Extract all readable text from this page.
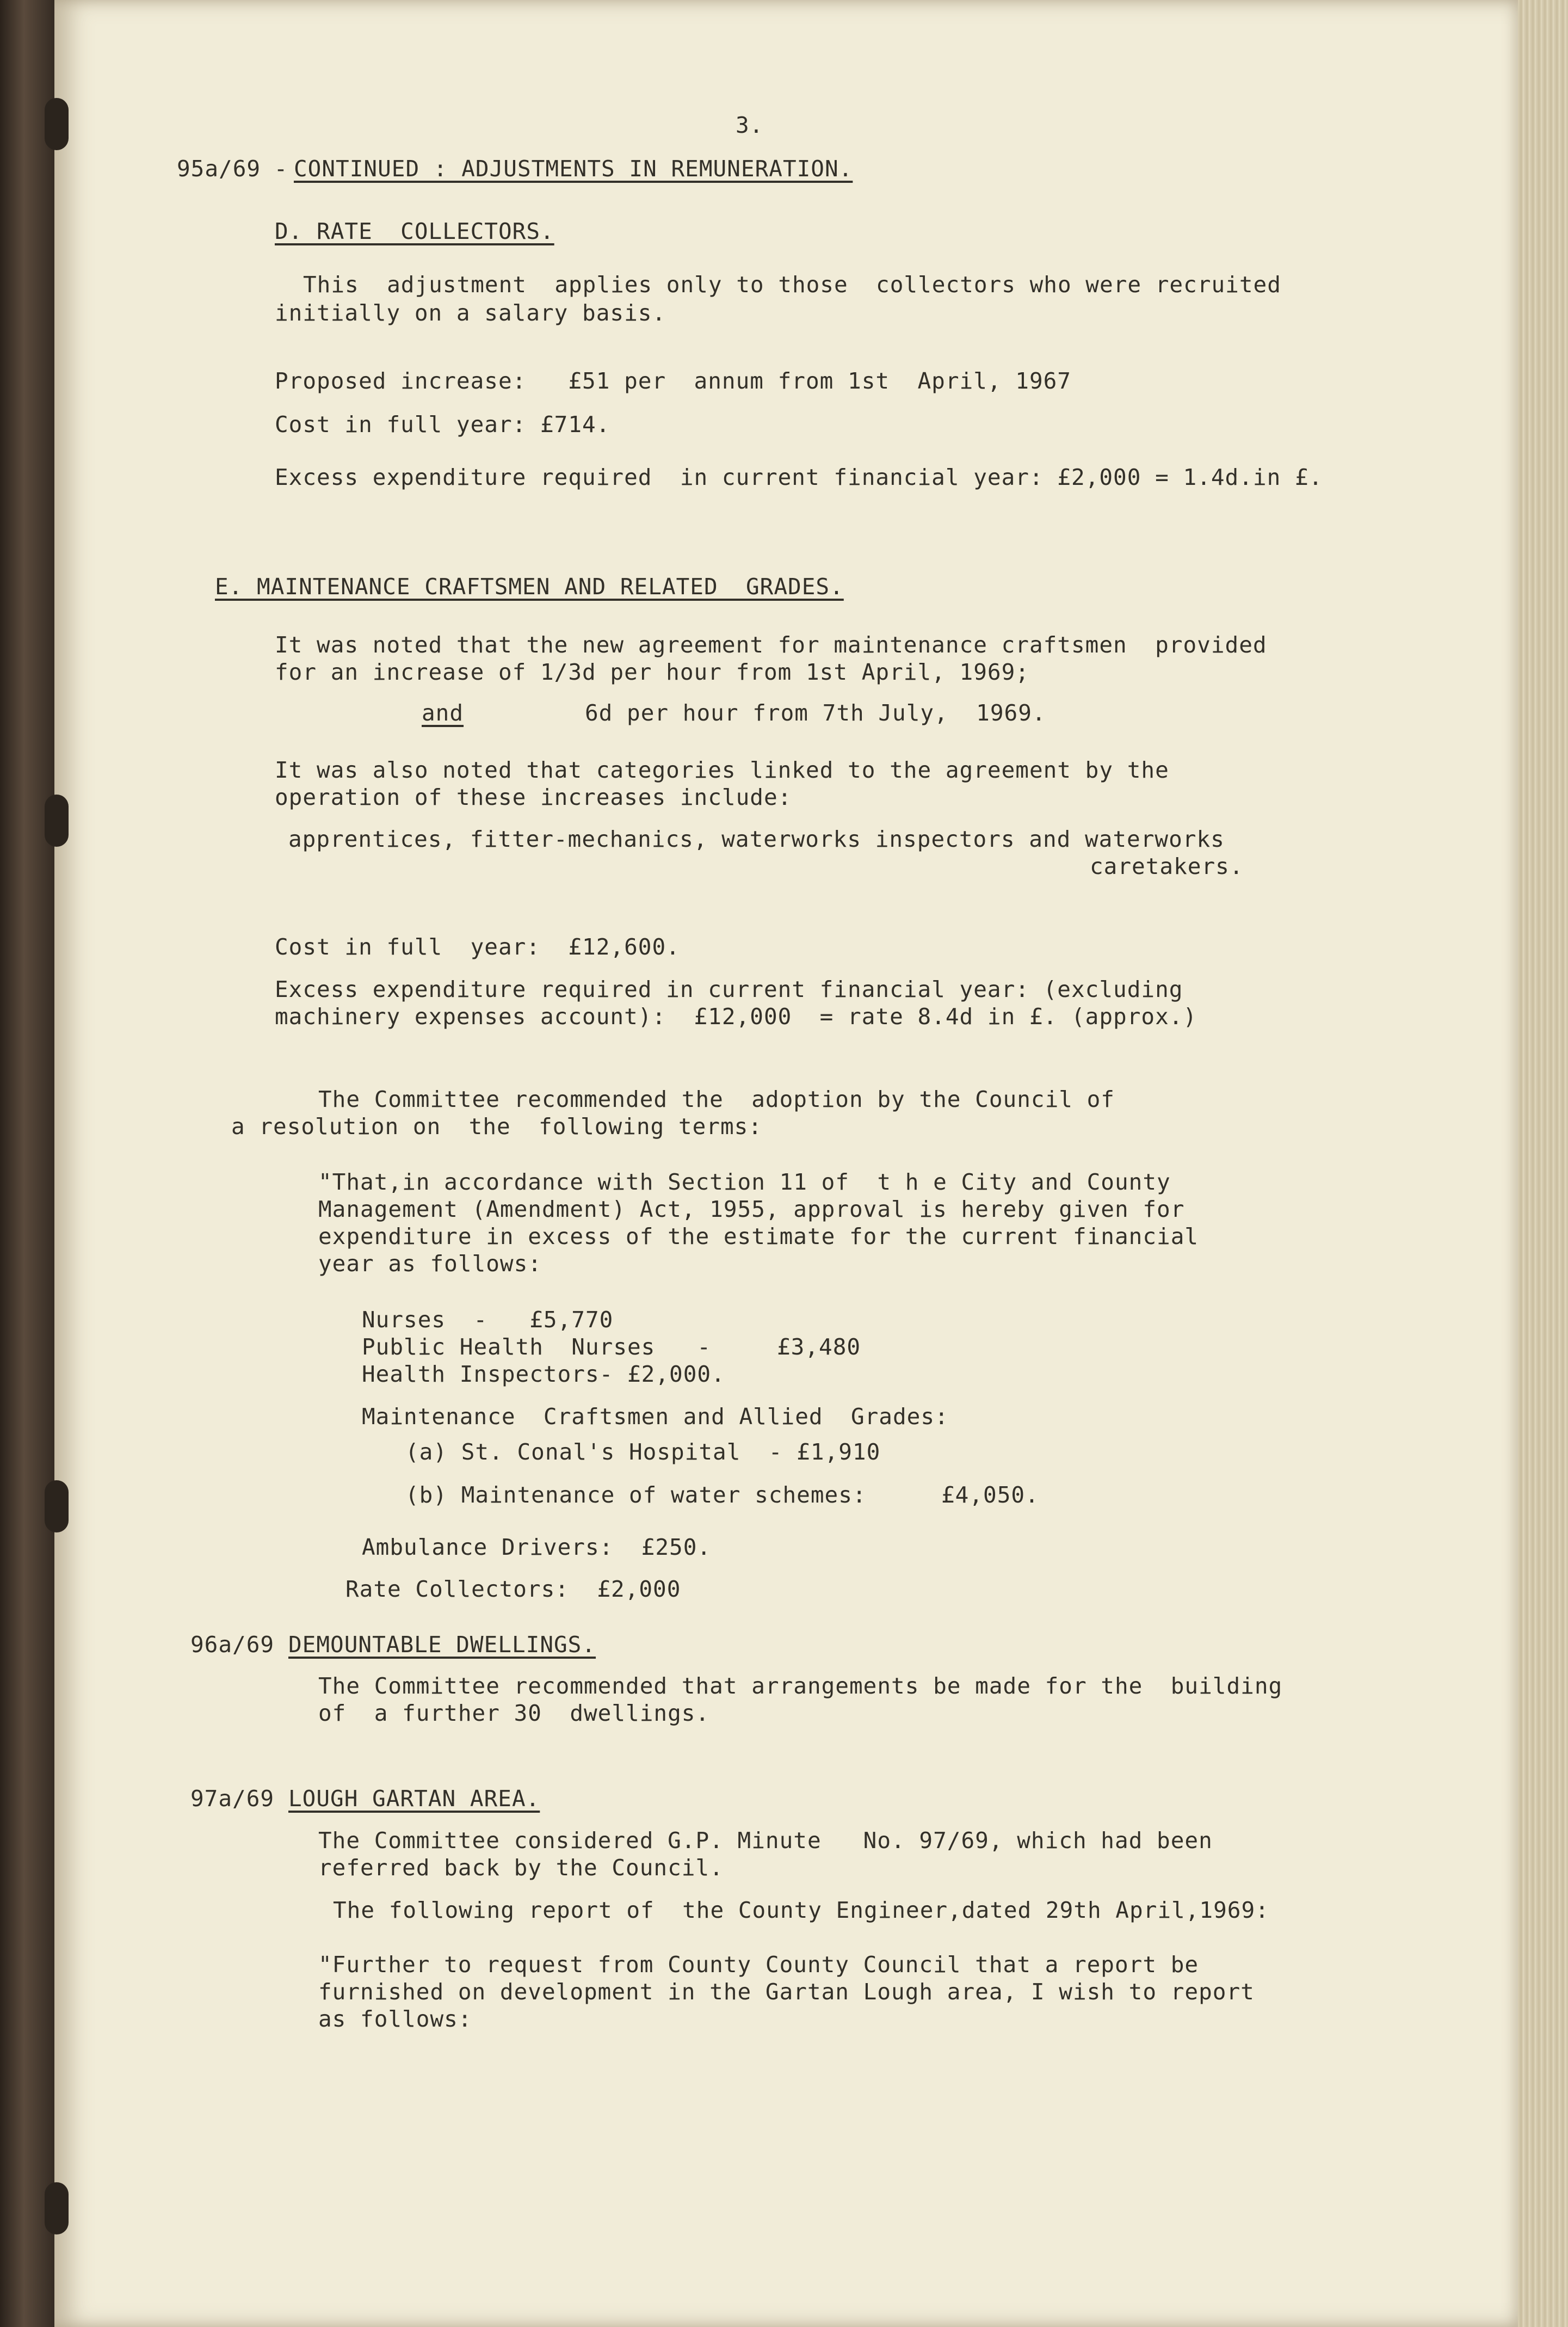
3.
95a/69
-
CONTINUED : ADJUSTMENTS IN REMUNERATION.
D. RATE  COLLECTORS.
This  adjustment  applies only to those  collectors who were recruited
initially on a salary basis.
Proposed increase:   £51 per  annum from 1st  April, 1967
Cost in full year: £714.
Excess expenditure required  in current financial year: £2,000 = 1.4d.in £.
E. MAINTENANCE CRAFTSMEN AND RELATED  GRADES.
It was noted that the new agreement for maintenance craftsmen  provided
for an increase of 1/3d per hour from 1st April, 1969;
and	6d per hour from 7th July,  1969.
It was also noted that categories linked to the agreement by the
operation of these increases include:
apprentices, fitter-mechanics, waterworks inspectors and waterworks
caretakers.
Cost in full  year:  £12,600.
Excess expenditure required in current financial year: (excluding
machinery expenses account):  £12,000  = rate 8.4d in £. (approx.)
The Committee recommended the  adoption by the Council of
a resolution on  the  following terms:
"That,in accordance with Section 11 of  t h e City and County
Management (Amendment) Act, 1955, approval is hereby given for
expenditure in excess of the estimate for the current financial
year as follows:
Nurses  -   £5,770
Public Health  Nurses   -	£3,480
Health Inspectors- £2,000.
Maintenance  Craftsmen and Allied  Grades:
(a) St. Conal's Hospital  - £1,910
(b) Maintenance of water schemes:	£4,050.
Ambulance Drivers:  £250.
Rate Collectors:  £2,000
96a/69 DEMOUNTABLE DWELLINGS.
The Committee recommended that arrangements be made for the  building
of  a further 30  dwellings.
97a/69 LOUGH GARTAN AREA.
The Committee considered G.P. Minute   No. 97/69, which had been
referred back by the Council.
The following report of  the County Engineer,dated 29th April,1969:
"Further to request from County County Council that a report be
furnished on development in the Gartan Lough area, I wish to report
as follows:
